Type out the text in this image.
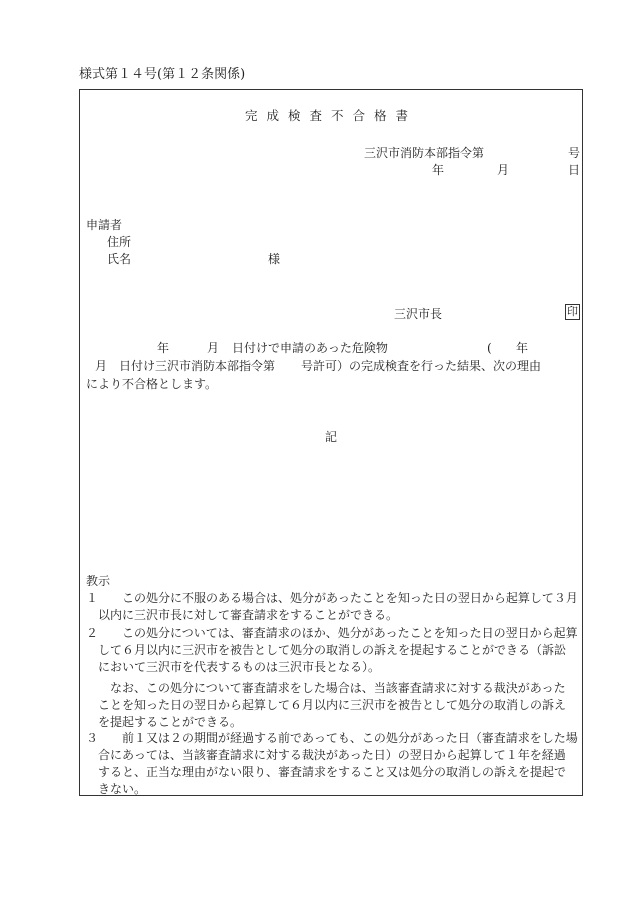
様式第１４号(第１２条関係)
完成検査不合格書
三沢市消防本部指令第	号
年	月	日
申請者
住所
氏名	様
三沢市長	印
年	月 日付けで申請のあった危険物	( 年
月 日付け三沢市消防本部指令第 号許可）の完成検査を行った結果、次の理由
により不合格とします。
記
教示
１ この処分に不服のある場合は、処分があったことを知った日の翌日から起算して３月
以内に三沢市長に対して審査請求をすることができる。
２ この処分については、審査請求のほか、処分があったことを知った日の翌日から起算
して６月以内に三沢市を被告として処分の取消しの訴えを提起することができる（訴訟
において三沢市を代表するものは三沢市長となる）。
なお、この処分について審査請求をした場合は、当該審査請求に対する裁決があった
ことを知った日の翌日から起算して６月以内に三沢市を被告として処分の取消しの訴え
を提起することができる。
３ 前１又は２の期間が経過する前であっても、この処分があった日（審査請求をした場
合にあっては、当該審査請求に対する裁決があった日）の翌日から起算して１年を経過
すると、正当な理由がない限り、審査請求をすること又は処分の取消しの訴えを提起で
きない。
